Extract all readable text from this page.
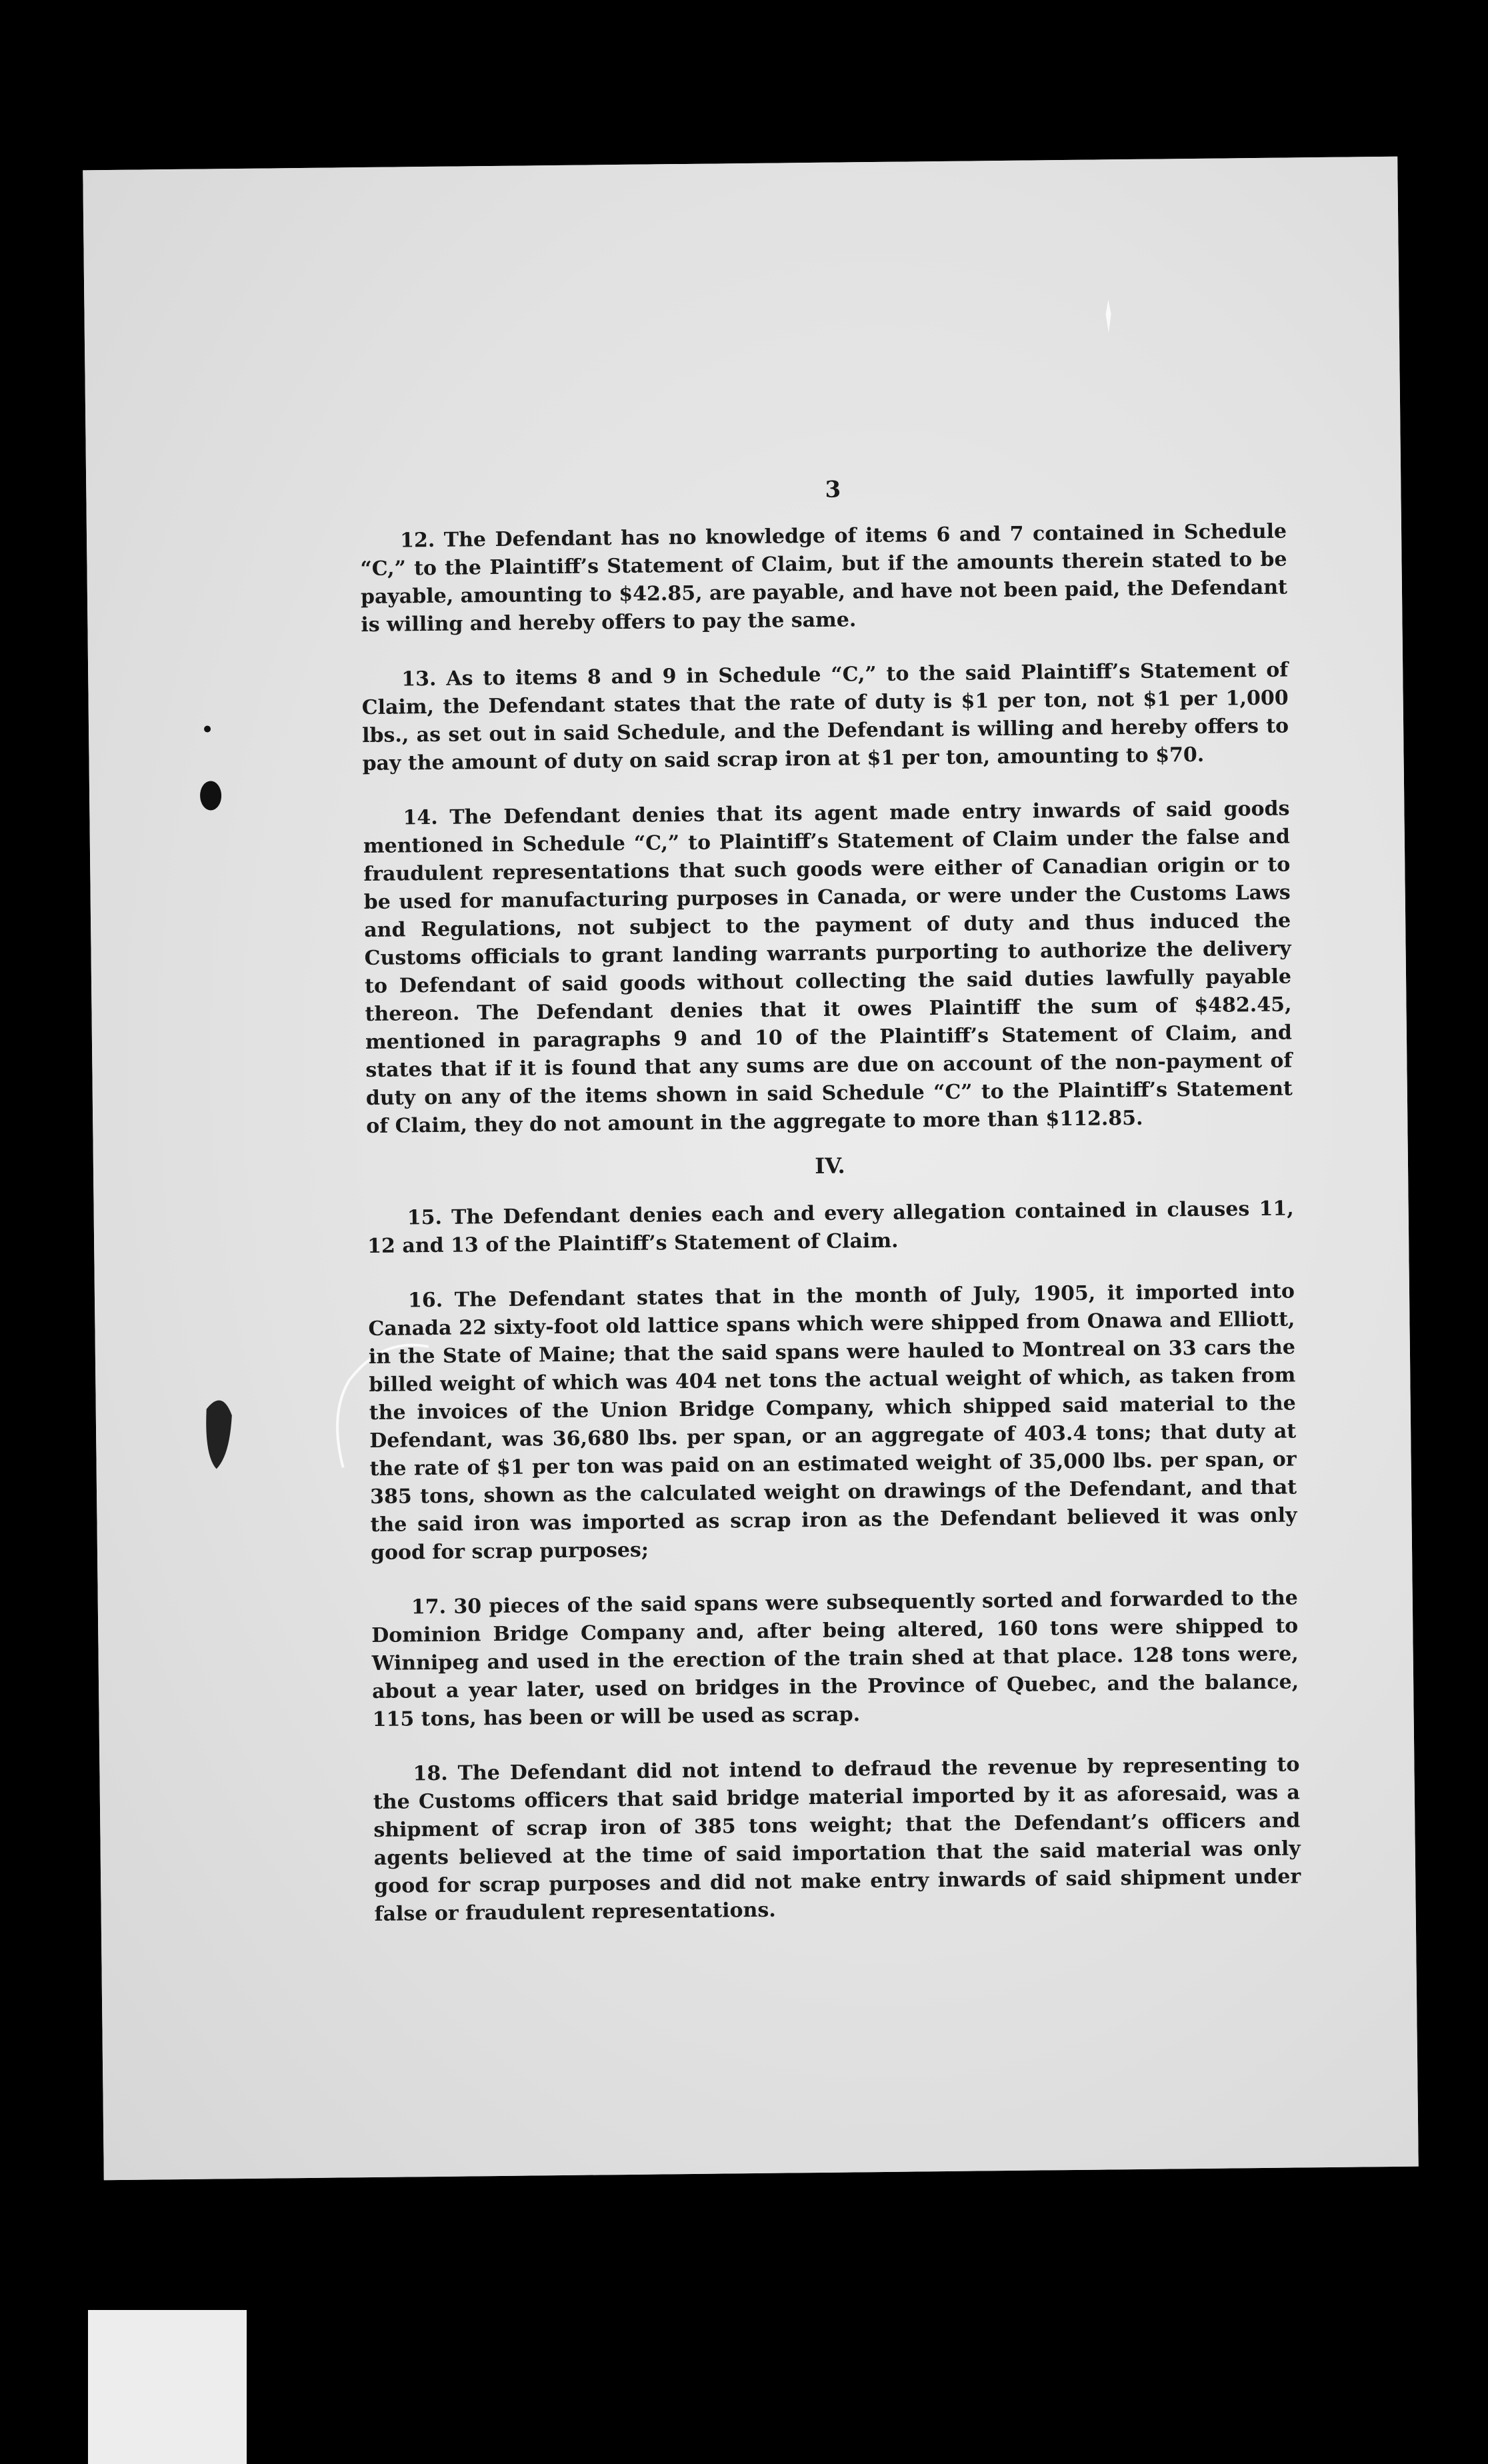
3

12. The Defendant has no knowledge of items 6 and 7 contained in Schedule “C,” to the Plaintiff’s Statement of Claim, but if the amounts therein stated to be payable, amounting to $42.85, are payable, and have not been paid, the Defendant is willing and hereby offers to pay the same.

13. As to items 8 and 9 in Schedule “C,” to the said Plaintiff’s Statement of Claim, the Defendant states that the rate of duty is $1 per ton, not $1 per 1,000 lbs., as set out in said Schedule, and the Defendant is willing and hereby offers to pay the amount of duty on said scrap iron at $1 per ton, amounting to $70.

14. The Defendant denies that its agent made entry inwards of said goods mentioned in Schedule “C,” to Plaintiff’s Statement of Claim under the false and fraudulent representations that such goods were either of Canadian origin or to be used for manufacturing purposes in Canada, or were under the Customs Laws and Regulations, not subject to the payment of duty and thus induced the Customs officials to grant landing warrants purporting to authorize the delivery to Defendant of said goods without collecting the said duties lawfully payable thereon. The Defendant denies that it owes Plaintiff the sum of $482.45, mentioned in paragraphs 9 and 10 of the Plaintiff’s Statement of Claim, and states that if it is found that any sums are due on account of the non-payment of duty on any of the items shown in said Schedule “C” to the Plaintiff’s Statement of Claim, they do not amount in the aggregate to more than $112.85.

IV.

15. The Defendant denies each and every allegation contained in clauses 11, 12 and 13 of the Plaintiff’s Statement of Claim.

16. The Defendant states that in the month of July, 1905, it imported into Canada 22 sixty-foot old lattice spans which were shipped from Onawa and Elliott, in the State of Maine; that the said spans were hauled to Montreal on 33 cars the billed weight of which was 404 net tons the actual weight of which, as taken from the invoices of the Union Bridge Company, which shipped said material to the Defendant, was 36,680 lbs. per span, or an aggregate of 403.4 tons; that duty at the rate of $1 per ton was paid on an estimated weight of 35,000 lbs. per span, or 385 tons, shown as the calculated weight on drawings of the Defendant, and that the said iron was imported as scrap iron as the Defendant believed it was only good for scrap purposes;

17. 30 pieces of the said spans were subsequently sorted and forwarded to the Dominion Bridge Company and, after being altered, 160 tons were shipped to Winnipeg and used in the erection of the train shed at that place. 128 tons were, about a year later, used on bridges in the Province of Quebec, and the balance, 115 tons, has been or will be used as scrap.

18. The Defendant did not intend to defraud the revenue by representing to the Customs officers that said bridge material imported by it as aforesaid, was a shipment of scrap iron of 385 tons weight; that the Defendant’s officers and agents believed at the time of said importation that the said material was only good for scrap purposes and did not make entry inwards of said shipment under false or fraudulent representations.
